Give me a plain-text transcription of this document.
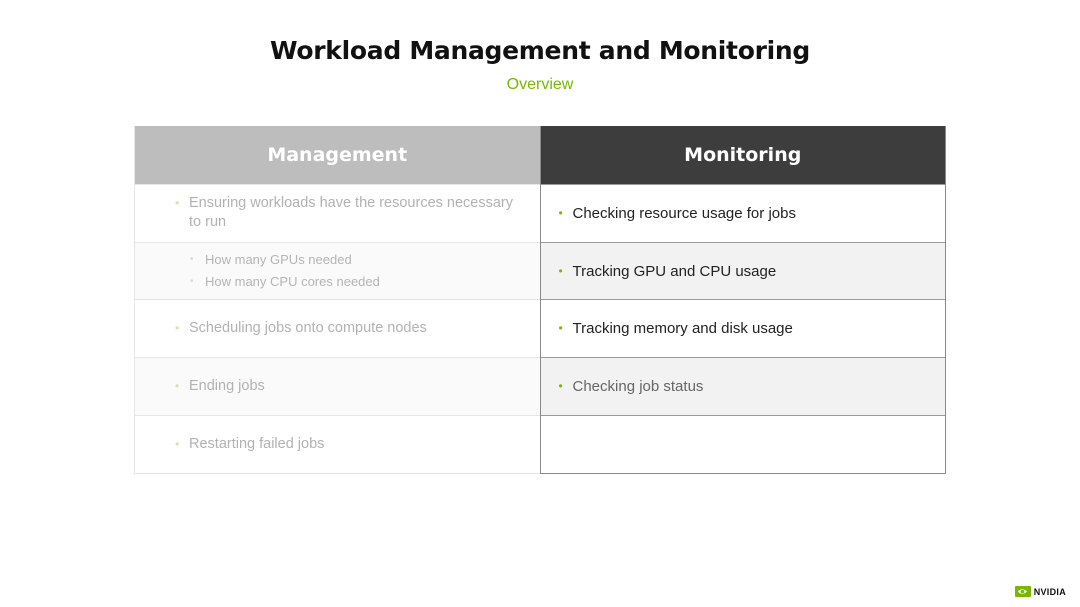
Workload Management and Monitoring
Overview
Management
• Ensuring workloads have the resources necessary to run
• How many GPUs needed
• How many CPU cores needed
• Scheduling jobs onto compute nodes
• Ending jobs
• Restarting failed jobs
Monitoring
• Checking resource usage for jobs
• Tracking GPU and CPU usage
• Tracking memory and disk usage
• Checking job status
NVIDIA
